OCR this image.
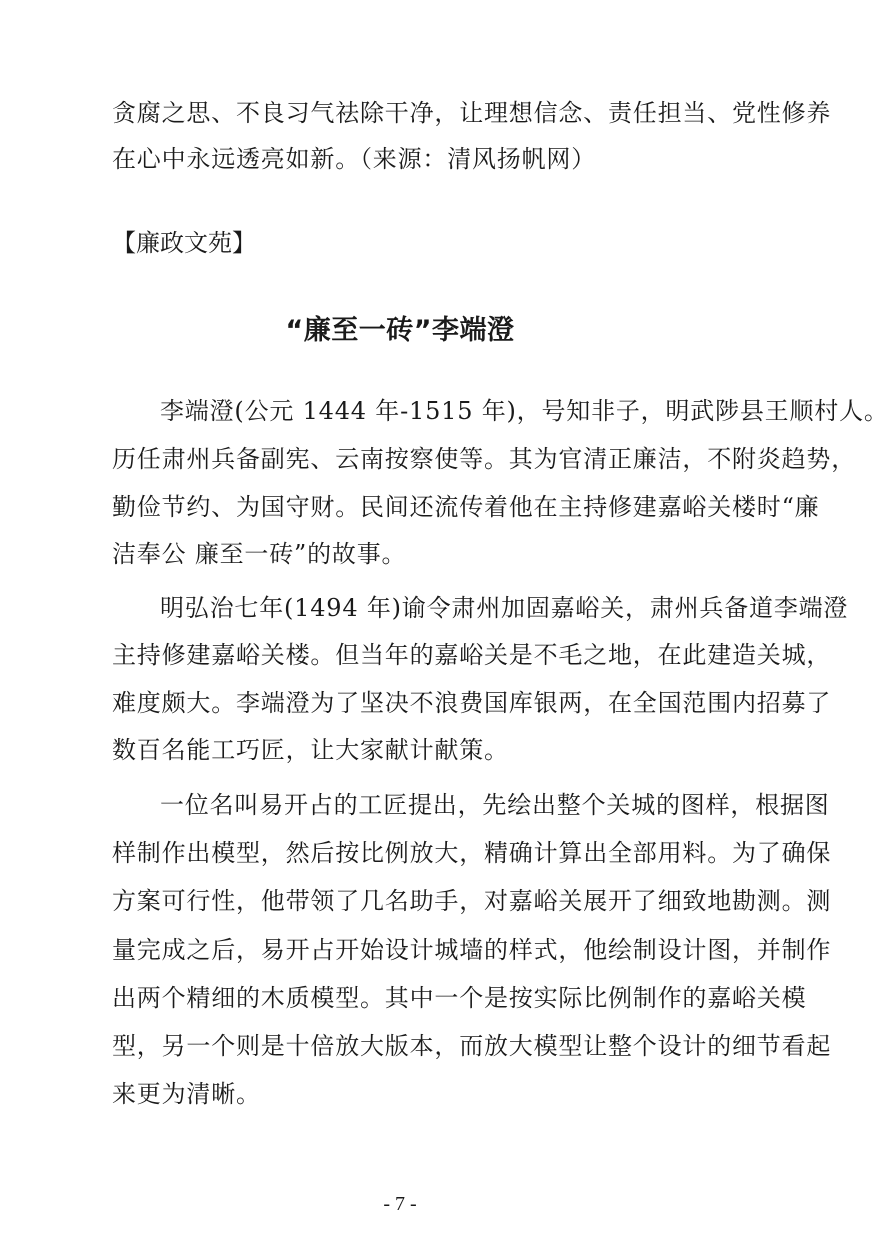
贪腐之思、不良习气祛除干净，让理想信念、责任担当、党性修养

在心中永远透亮如新。（来源：清风扬帆网）

【廉政文苑】

“廉至一砖”李端澄

李端澄(公元 1444 年-1515 年)，号知非子，明武陟县王顺村人。

历任肃州兵备副宪、云南按察使等。其为官清正廉洁，不附炎趋势，

勤俭节约、为国守财。民间还流传着他在主持修建嘉峪关楼时“廉

洁奉公 廉至一砖”的故事。

明弘治七年(1494 年)谕令肃州加固嘉峪关，肃州兵备道李端澄

主持修建嘉峪关楼。但当年的嘉峪关是不毛之地，在此建造关城，

难度颇大。李端澄为了坚决不浪费国库银两，在全国范围内招募了

数百名能工巧匠，让大家献计献策。

一位名叫易开占的工匠提出，先绘出整个关城的图样，根据图

样制作出模型，然后按比例放大，精确计算出全部用料。为了确保

方案可行性，他带领了几名助手，对嘉峪关展开了细致地勘测。测

量完成之后，易开占开始设计城墙的样式，他绘制设计图，并制作

出两个精细的木质模型。其中一个是按实际比例制作的嘉峪关模

型，另一个则是十倍放大版本，而放大模型让整个设计的细节看起

来更为清晰。

- 7 -
